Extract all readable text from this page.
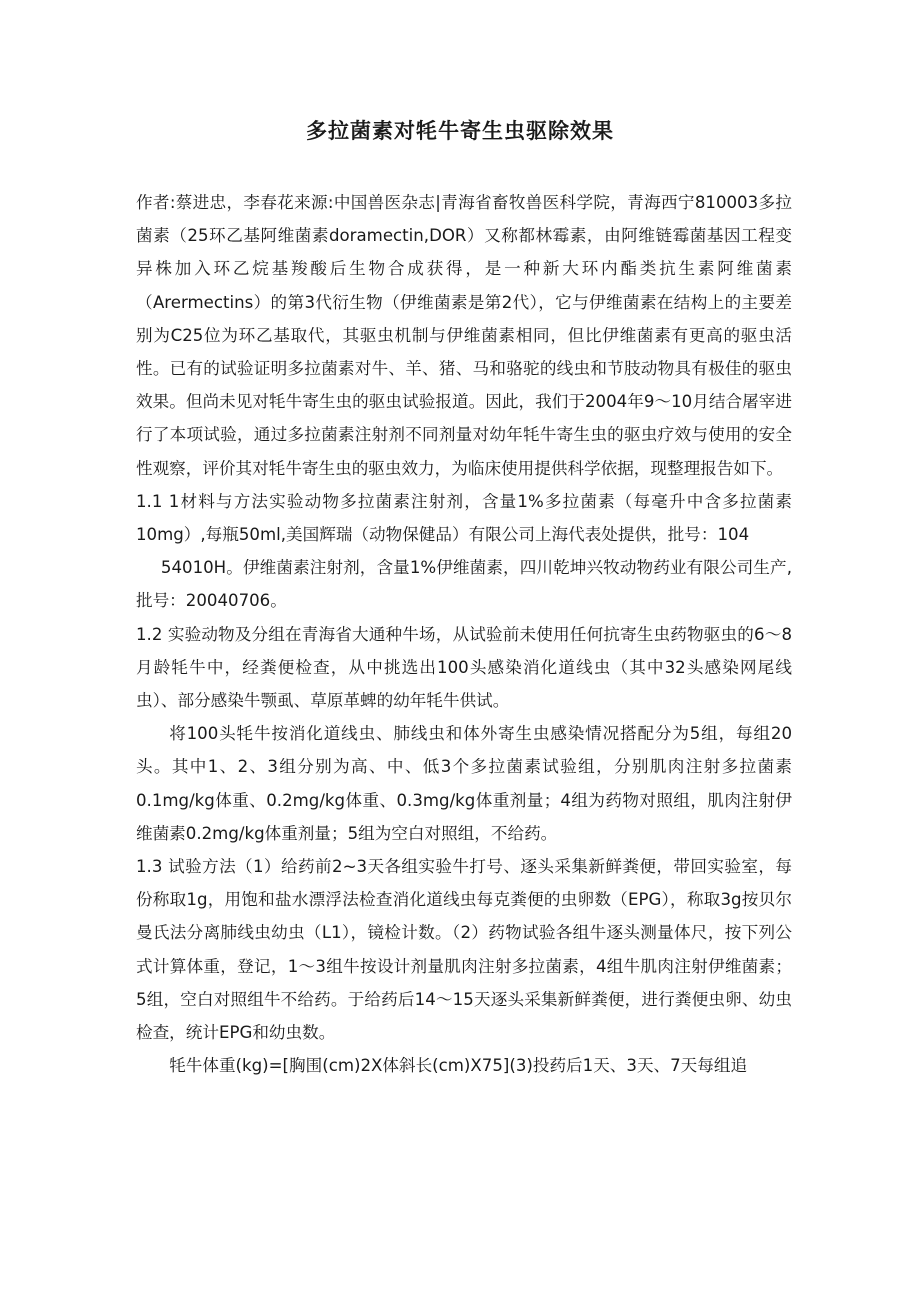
多拉菌素对牦牛寄生虫驱除效果

作者:蔡进忠，李春花来源:中国兽医杂志|青海省畜牧兽医科学院，青海西宁810003多拉菌素（25环乙基阿维菌素doramectin,DOR）又称都林霉素，由阿维链霉菌基因工程变异株加入环乙烷基羧酸后生物合成获得，是一种新大环内酯类抗生素阿维菌素（Arermectins）的第3代衍生物（伊维菌素是第2代），它与伊维菌素在结构上的主要差别为C25位为环乙基取代，其驱虫机制与伊维菌素相同，但比伊维菌素有更高的驱虫活性。已有的试验证明多拉菌素对牛、羊、猪、马和骆驼的线虫和节肢动物具有极佳的驱虫效果。但尚未见对牦牛寄生虫的驱虫试验报道。因此，我们于2004年9～10月结合屠宰进行了本项试验，通过多拉菌素注射剂不同剂量对幼年牦牛寄生虫的驱虫疗效与使用的安全性观察，评价其对牦牛寄生虫的驱虫效力，为临床使用提供科学依据，现整理报告如下。

1.1 1材料与方法实验动物多拉菌素注射剂，含量1%多拉菌素（每毫升中含多拉菌素10mg）,每瓶50ml,美国辉瑞（动物保健品）有限公司上海代表处提供，批号：104

54010H。伊维菌素注射剂，含量1%伊维菌素，四川乾坤兴牧动物药业有限公司生产,批号：20040706。

1.2 实验动物及分组在青海省大通种牛场，从试验前未使用任何抗寄生虫药物驱虫的6～8月龄牦牛中，经粪便检查，从中挑选出100头感染消化道线虫（其中32头感染网尾线虫）、部分感染牛颚虱、草原革蜱的幼年牦牛供试。

将100头牦牛按消化道线虫、肺线虫和体外寄生虫感染情况搭配分为5组，每组20头。其中1、2、3组分别为高、中、低3个多拉菌素试验组，分别肌肉注射多拉菌素0.1mg/kg体重、0.2mg/kg体重、0.3mg/kg体重剂量；4组为药物对照组，肌肉注射伊维菌素0.2mg/kg体重剂量；5组为空白对照组，不给药。

1.3 试验方法（1）给药前2~3天各组实验牛打号、逐头采集新鲜粪便，带回实验室，每份称取1g，用饱和盐水漂浮法检查消化道线虫每克粪便的虫卵数（EPG），称取3g按贝尔曼氏法分离肺线虫幼虫（L1），镜检计数。（2）药物试验各组牛逐头测量体尺，按下列公式计算体重，登记，1～3组牛按设计剂量肌肉注射多拉菌素，4组牛肌肉注射伊维菌素；5组，空白对照组牛不给药。于给药后14～15天逐头采集新鲜粪便，进行粪便虫卵、幼虫检查，统计EPG和幼虫数。

牦牛体重(kg)=[胸围(cm)2X体斜长(cm)X75](3)投药后1天、3天、7天每组追
